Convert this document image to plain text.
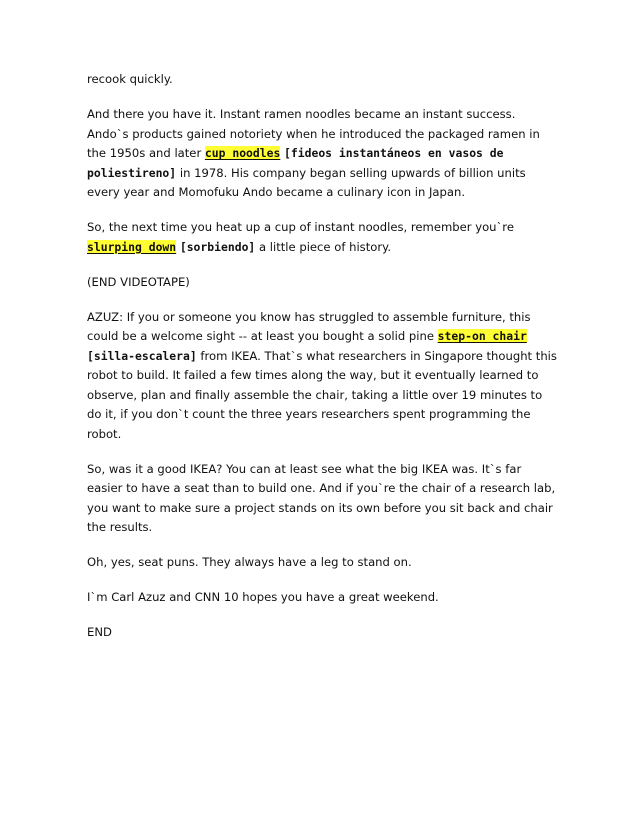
recook quickly.

And there you have it. Instant ramen noodles became an instant success. Ando`s products gained notoriety when he introduced the packaged ramen in the 1950s and later cup noodles [fideos instantáneos en vasos de poliestireno] in 1978. His company began selling upwards of billion units every year and Momofuku Ando became a culinary icon in Japan.

So, the next time you heat up a cup of instant noodles, remember you`re slurping down [sorbiendo] a little piece of history.

(END VIDEOTAPE)

AZUZ: If you or someone you know has struggled to assemble furniture, this could be a welcome sight -- at least you bought a solid pine step-on chair [silla-escalera] from IKEA. That`s what researchers in Singapore thought this robot to build. It failed a few times along the way, but it eventually learned to observe, plan and finally assemble the chair, taking a little over 19 minutes to do it, if you don`t count the three years researchers spent programming the robot.

So, was it a good IKEA? You can at least see what the big IKEA was. It`s far easier to have a seat than to build one. And if you`re the chair of a research lab, you want to make sure a project stands on its own before you sit back and chair the results.

Oh, yes, seat puns. They always have a leg to stand on.

I`m Carl Azuz and CNN 10 hopes you have a great weekend.

END
